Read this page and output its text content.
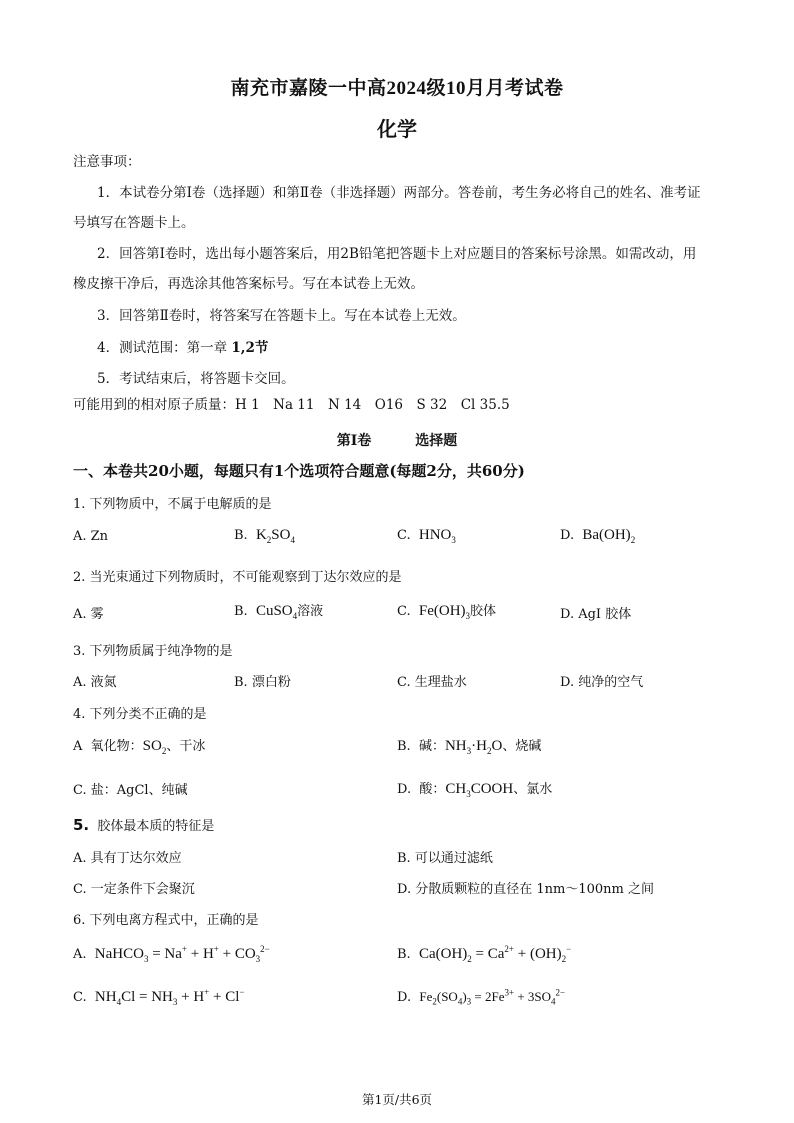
南充市嘉陵一中高2024级10月月考试卷
化学
注意事项：
1．本试卷分第Ⅰ卷（选择题）和第Ⅱ卷（非选择题）两部分。答卷前，考生务必将自己的姓名、准考证
号填写在答题卡上。
2．回答第Ⅰ卷时，选出每小题答案后，用2B铅笔把答题卡上对应题目的答案标号涂黑。如需改动，用
橡皮擦干净后，再选涂其他答案标号。写在本试卷上无效。
3．回答第Ⅱ卷时，将答案写在答题卡上。写在本试卷上无效。
4．测试范围：第一章 1,2节
5．考试结束后，将答题卡交回。
可能用到的相对原子质量：H 1　Na 11　N 14　O16　S 32　Cl 35.5
第Ⅰ卷	选择题
一、本卷共20小题，每题只有1个选项符合题意(每题2分，共60分)
1. 下列物质中，不属于电解质的是
A. Zn	B. $K_2SO_4$	C. $HNO_3$	D. $Ba(OH)_2$
2. 当光束通过下列物质时，不可能观察到丁达尔效应的是
A. 雾	B. CuSO$_4$溶液	C. $Fe(OH)_3$胶体	D. AgI 胶体
3. 下列物质属于纯净物的是
A. 液氮	B. 漂白粉	C. 生理盐水	D. 纯净的空气
4. 下列分类不正确的是
A 氧化物：$SO_2$、干冰	B. 碱：$NH_3\cdot H_2O$、烧碱
C. 盐：AgCl、纯碱	D. 酸：$CH_3COOH$、氯水
5. 胶体最本质的特征是
A. 具有丁达尔效应	B. 可以通过滤纸
C. 一定条件下会聚沉	D. 分散质颗粒的直径在 1nm～100nm 之间
6. 下列电离方程式中，正确的是
A. NaHCO$_3$ = $Na^+ + H^+ + CO_3^{2-}$	B. $Ca(OH)_2 = Ca^{2+} + (OH)_2^-$
C. $NH_4Cl = NH_3 + H^+ + Cl^-$	D. $Fe_2(SO_4)_3 = 2Fe^{3+} + 3SO_4^{2-}$
第1页/共6页
